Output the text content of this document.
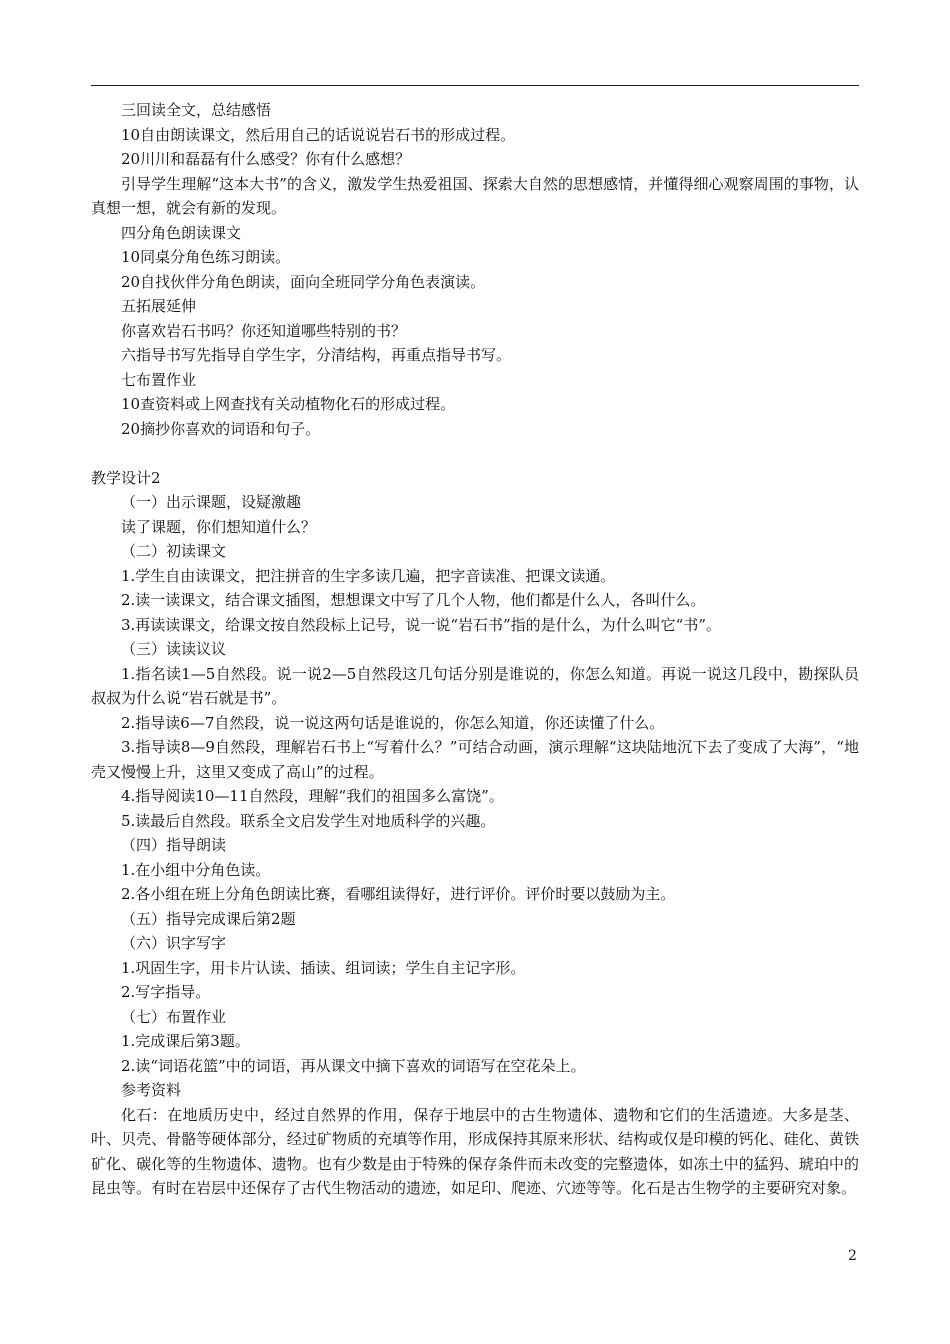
三回读全文，总结感悟
10自由朗读课文，然后用自己的话说说岩石书的形成过程。
20川川和磊磊有什么感受？你有什么感想？
引导学生理解“这本大书”的含义，激发学生热爱祖国、探索大自然的思想感情，并懂得细心观察周围的事物，认真想一想，就会有新的发现。
四分角色朗读课文
10同桌分角色练习朗读。
20自找伙伴分角色朗读，面向全班同学分角色表演读。
五拓展延伸
你喜欢岩石书吗？你还知道哪些特别的书？
六指导书写先指导自学生字，分清结构，再重点指导书写。
七布置作业
10查资料或上网查找有关动植物化石的形成过程。
20摘抄你喜欢的词语和句子。
教学设计2
（一）出示课题，设疑激趣
读了课题，你们想知道什么？
（二）初读课文
1.学生自由读课文，把注拼音的生字多读几遍，把字音读准、把课文读通。
2.读一读课文，结合课文插图，想想课文中写了几个人物，他们都是什么人，各叫什么。
3.再读读课文，给课文按自然段标上记号，说一说“岩石书”指的是什么，为什么叫它“书”。
（三）读读议议
1.指名读1—5自然段。说一说2—5自然段这几句话分别是谁说的，你怎么知道。再说一说这几段中，勘探队员叔叔为什么说“岩石就是书”。
2.指导读6—7自然段，说一说这两句话是谁说的，你怎么知道，你还读懂了什么。
3.指导读8—9自然段，理解岩石书上“写着什么？”可结合动画，演示理解“这块陆地沉下去了变成了大海”，“地壳又慢慢上升，这里又变成了高山”的过程。
4.指导阅读10—11自然段，理解“我们的祖国多么富饶”。
5.读最后自然段。联系全文启发学生对地质科学的兴趣。
（四）指导朗读
1.在小组中分角色读。
2.各小组在班上分角色朗读比赛，看哪组读得好，进行评价。评价时要以鼓励为主。
（五）指导完成课后第2题
（六）识字写字
1.巩固生字，用卡片认读、插读、组词读；学生自主记字形。
2.写字指导。
（七）布置作业
1.完成课后第3题。
2.读“词语花篮”中的词语，再从课文中摘下喜欢的词语写在空花朵上。
参考资料
化石：在地质历史中，经过自然界的作用，保存于地层中的古生物遗体、遗物和它们的生活遗迹。大多是茎、叶、贝壳、骨骼等硬体部分，经过矿物质的充填等作用，形成保持其原来形状、结构或仅是印模的钙化、硅化、黄铁矿化、碳化等的生物遗体、遗物。也有少数是由于特殊的保存条件而未改变的完整遗体，如冻土中的猛犸、琥珀中的昆虫等。有时在岩层中还保存了古代生物活动的遗迹，如足印、爬迹、穴迹等等。化石是古生物学的主要研究对象。
2
